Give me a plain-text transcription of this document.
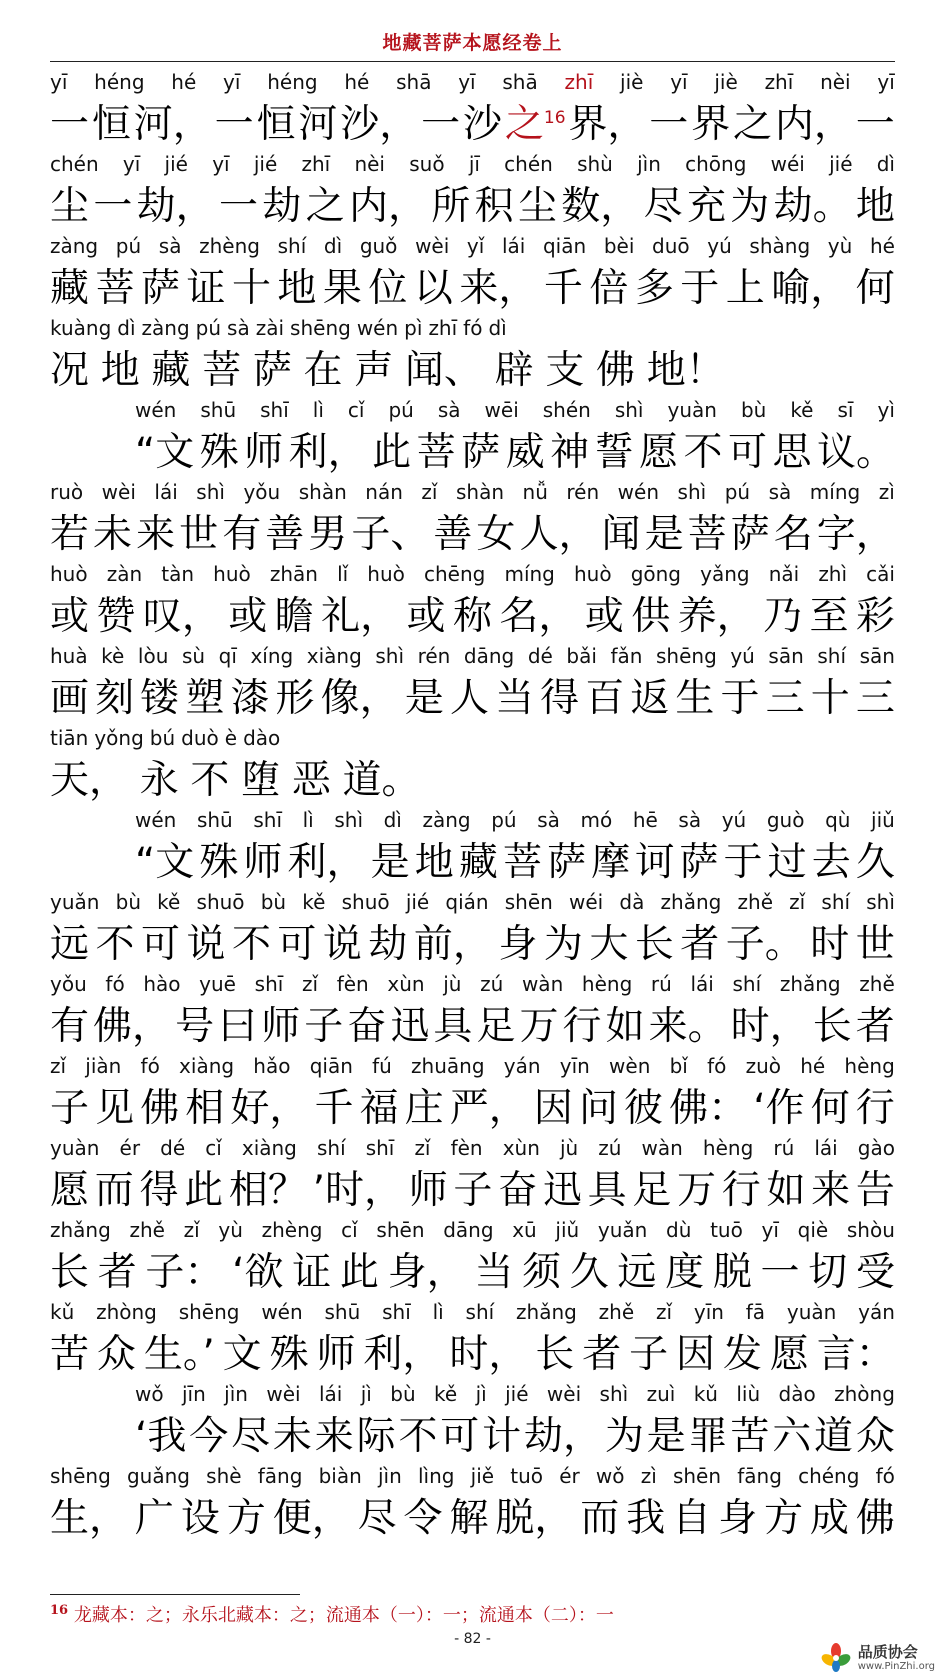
地藏菩萨本愿经卷上
yī héng hé yī héng hé shā yī shā zhī jiè yī jiè zhī nèi yī
一 恒 河， 一 恒 河 沙， 一 沙 之$^{16}$ 界， 一 界 之 内， 一
chén yī jié yī jié zhī nèi suǒ jī chén shù jìn chōng wéi jié dì
尘 一 劫， 一 劫 之 内， 所 积 尘 数， 尽 充 为 劫。 地
zàng pú sà zhèng shí dì guǒ wèi yǐ lái qiān bèi duō yú shàng yù hé
藏 菩 萨 证 十 地 果 位 以 来， 千 倍 多 于 上 喻， 何
kuàng dì zàng pú sà zài shēng wén pì zhī fó dì
况 地 藏 菩 萨 在 声 闻、 辟 支 佛 地！
wén shū shī lì cǐ pú sà wēi shén shì yuàn bù kě sī yì
“文 殊 师 利， 此 菩 萨 威 神 誓 愿 不 可 思 议。
ruò wèi lái shì yǒu shàn nán zǐ shàn nǚ rén wén shì pú sà míng zì
若 未 来 世 有 善 男 子、 善 女 人， 闻 是 菩 萨 名 字，
huò zàn tàn huò zhān lǐ huò chēng míng huò gōng yǎng nǎi zhì cǎi
或 赞 叹， 或 瞻 礼， 或 称 名， 或 供 养， 乃 至 彩
huà kè lòu sù qī xíng xiàng shì rén dāng dé bǎi fǎn shēng yú sān shí sān
画 刻 镂 塑 漆 形 像， 是 人 当 得 百 返 生 于 三 十 三
tiān yǒng bú duò è dào
天， 永 不 堕 恶 道。
wén shū shī lì shì dì zàng pú sà mó hē sà yú guò qù jiǔ
“文 殊 师 利， 是 地 藏 菩 萨 摩 诃 萨 于 过 去 久
yuǎn bù kě shuō bù kě shuō jié qián shēn wéi dà zhǎng zhě zǐ shí shì
远 不 可 说 不 可 说 劫 前， 身 为 大 长 者 子。 时 世
yǒu fó hào yuē shī zǐ fèn xùn jù zú wàn hèng rú lái shí zhǎng zhě
有 佛， 号 曰 师 子 奋 迅 具 足 万 行 如 来。 时， 长 者
zǐ jiàn fó xiàng hǎo qiān fú zhuāng yán yīn wèn bǐ fó zuò hé hèng
子 见 佛 相 好， 千 福 庄 严， 因 问 彼 佛： ‘作 何 行
yuàn ér dé cǐ xiàng shí shī zǐ fèn xùn jù zú wàn hèng rú lái gào
愿 而 得 此 相？ ’时， 师 子 奋 迅 具 足 万 行 如 来 告
zhǎng zhě zǐ yù zhèng cǐ shēn dāng xū jiǔ yuǎn dù tuō yī qiè shòu
长 者 子： ‘欲 证 此 身， 当 须 久 远 度 脱 一 切 受
kǔ zhòng shēng wén shū shī lì shí zhǎng zhě zǐ yīn fā yuàn yán
苦 众 生。’ 文 殊 师 利， 时， 长 者 子 因 发 愿 言：
wǒ jīn jìn wèi lái jì bù kě jì jié wèi shì zuì kǔ liù dào zhòng
‘我 今 尽 未 来 际 不 可 计 劫， 为 是 罪 苦 六 道 众
shēng guǎng shè fāng biàn jìn lìng jiě tuō ér wǒ zì shēn fāng chéng fó
生， 广 设 方 便， 尽 令 解 脱， 而 我 自 身 方 成 佛
$^{16}$ 龙藏本：之；永乐北藏本：之；流通本（一）：一；流通本（二）：一
- 82 -
品质协会
www.PinZhi.org
